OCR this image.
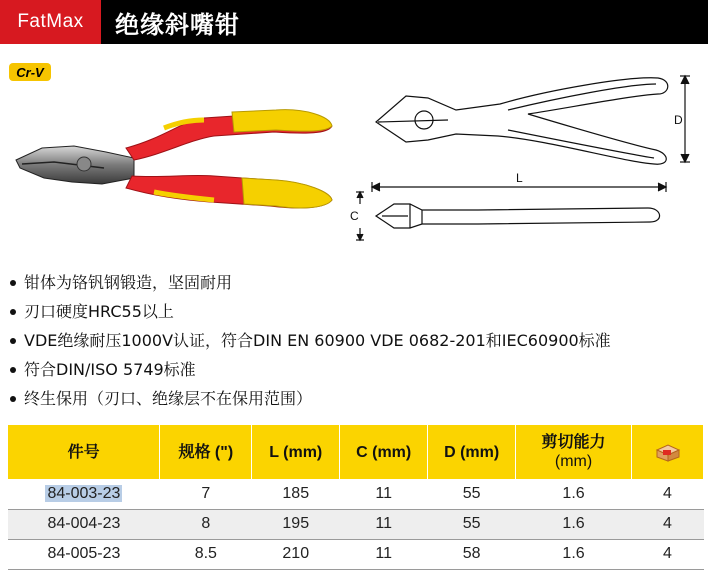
FatMax	绝缘斜嘴钳
Cr-V
D
L
C
钳体为铬钒钢锻造，坚固耐用
刃口硬度HRC55以上
VDE绝缘耐压1000V认证，符合DIN EN 60900 VDE 0682-201和IEC60900标准
符合DIN/ISO 5749标准
终生保用（刃口、绝缘层不在保用范围）
件号	规格 (")	L (mm)	C (mm)	D (mm)	剪切能力
(mm)	
84-003-23	7	185	11	55	1.6	4
84-004-23	8	195	11	55	1.6	4
84-005-23	8.5	210	11	58	1.6	4
